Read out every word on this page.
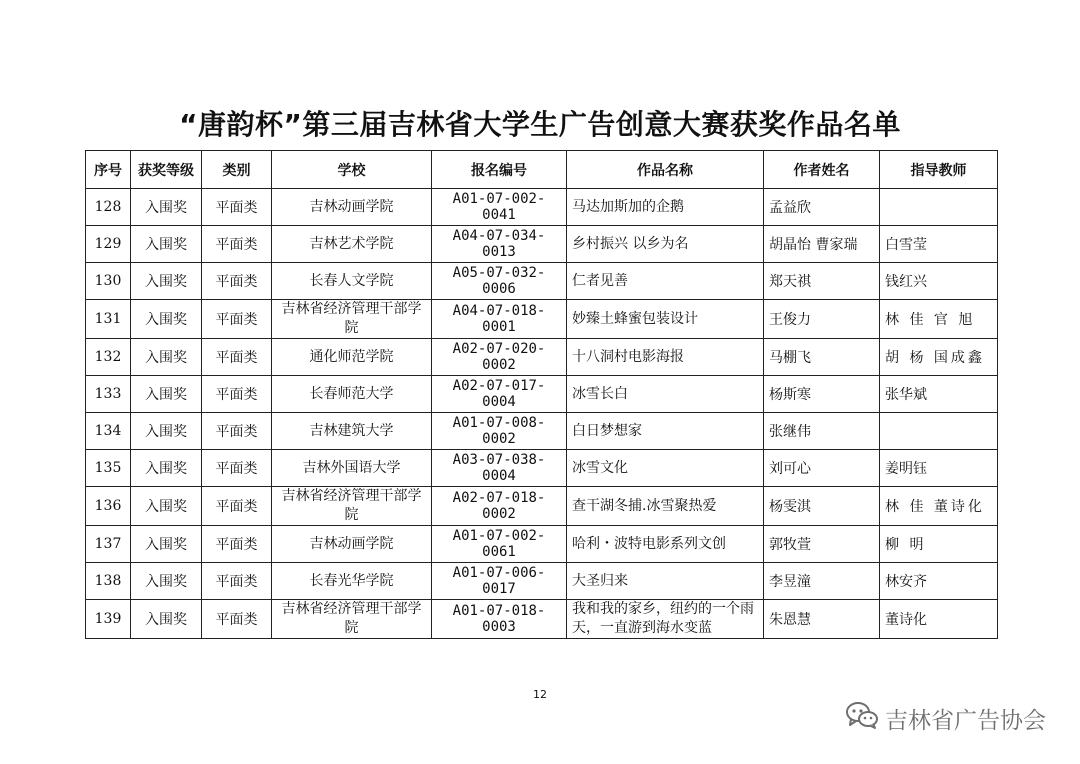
“唐韵杯”第三届吉林省大学生广告创意大赛获奖作品名单
序号	获奖等级	类别	学校	报名编号	作品名称	作者姓名	指导教师
128	入围奖	平面类	吉林动画学院	A01-07-002-0041	马达加斯加的企鹅	孟益欣	
129	入围奖	平面类	吉林艺术学院	A04-07-034-0013	乡村振兴 以乡为名	胡晶怡 曹家瑞	白雪莹
130	入围奖	平面类	长春人文学院	A05-07-032-0006	仁者见善	郑天祺	钱红兴
131	入围奖	平面类	吉林省经济管理干部学院	A04-07-018-0001	妙臻土蜂蜜包装设计	王俊力	林 佳 官 旭
132	入围奖	平面类	通化师范学院	A02-07-020-0002	十八洞村电影海报	马棚飞	胡 杨 国成鑫
133	入围奖	平面类	长春师范大学	A02-07-017-0004	冰雪长白	杨斯寒	张华斌
134	入围奖	平面类	吉林建筑大学	A01-07-008-0002	白日梦想家	张继伟	
135	入围奖	平面类	吉林外国语大学	A03-07-038-0004	冰雪文化	刘可心	姜明钰
136	入围奖	平面类	吉林省经济管理干部学院	A02-07-018-0002	查干湖冬捕.冰雪聚热爱	杨雯淇	林 佳 董诗化
137	入围奖	平面类	吉林动画学院	A01-07-002-0061	哈利・波特电影系列文创	郭牧萱	柳 明
138	入围奖	平面类	长春光华学院	A01-07-006-0017	大圣归来	李昱潼	林安齐
139	入围奖	平面类	吉林省经济管理干部学院	A01-07-018-0003	我和我的家乡，纽约的一个雨天，一直游到海水变蓝	朱恩慧	董诗化
12
吉林省广告协会
